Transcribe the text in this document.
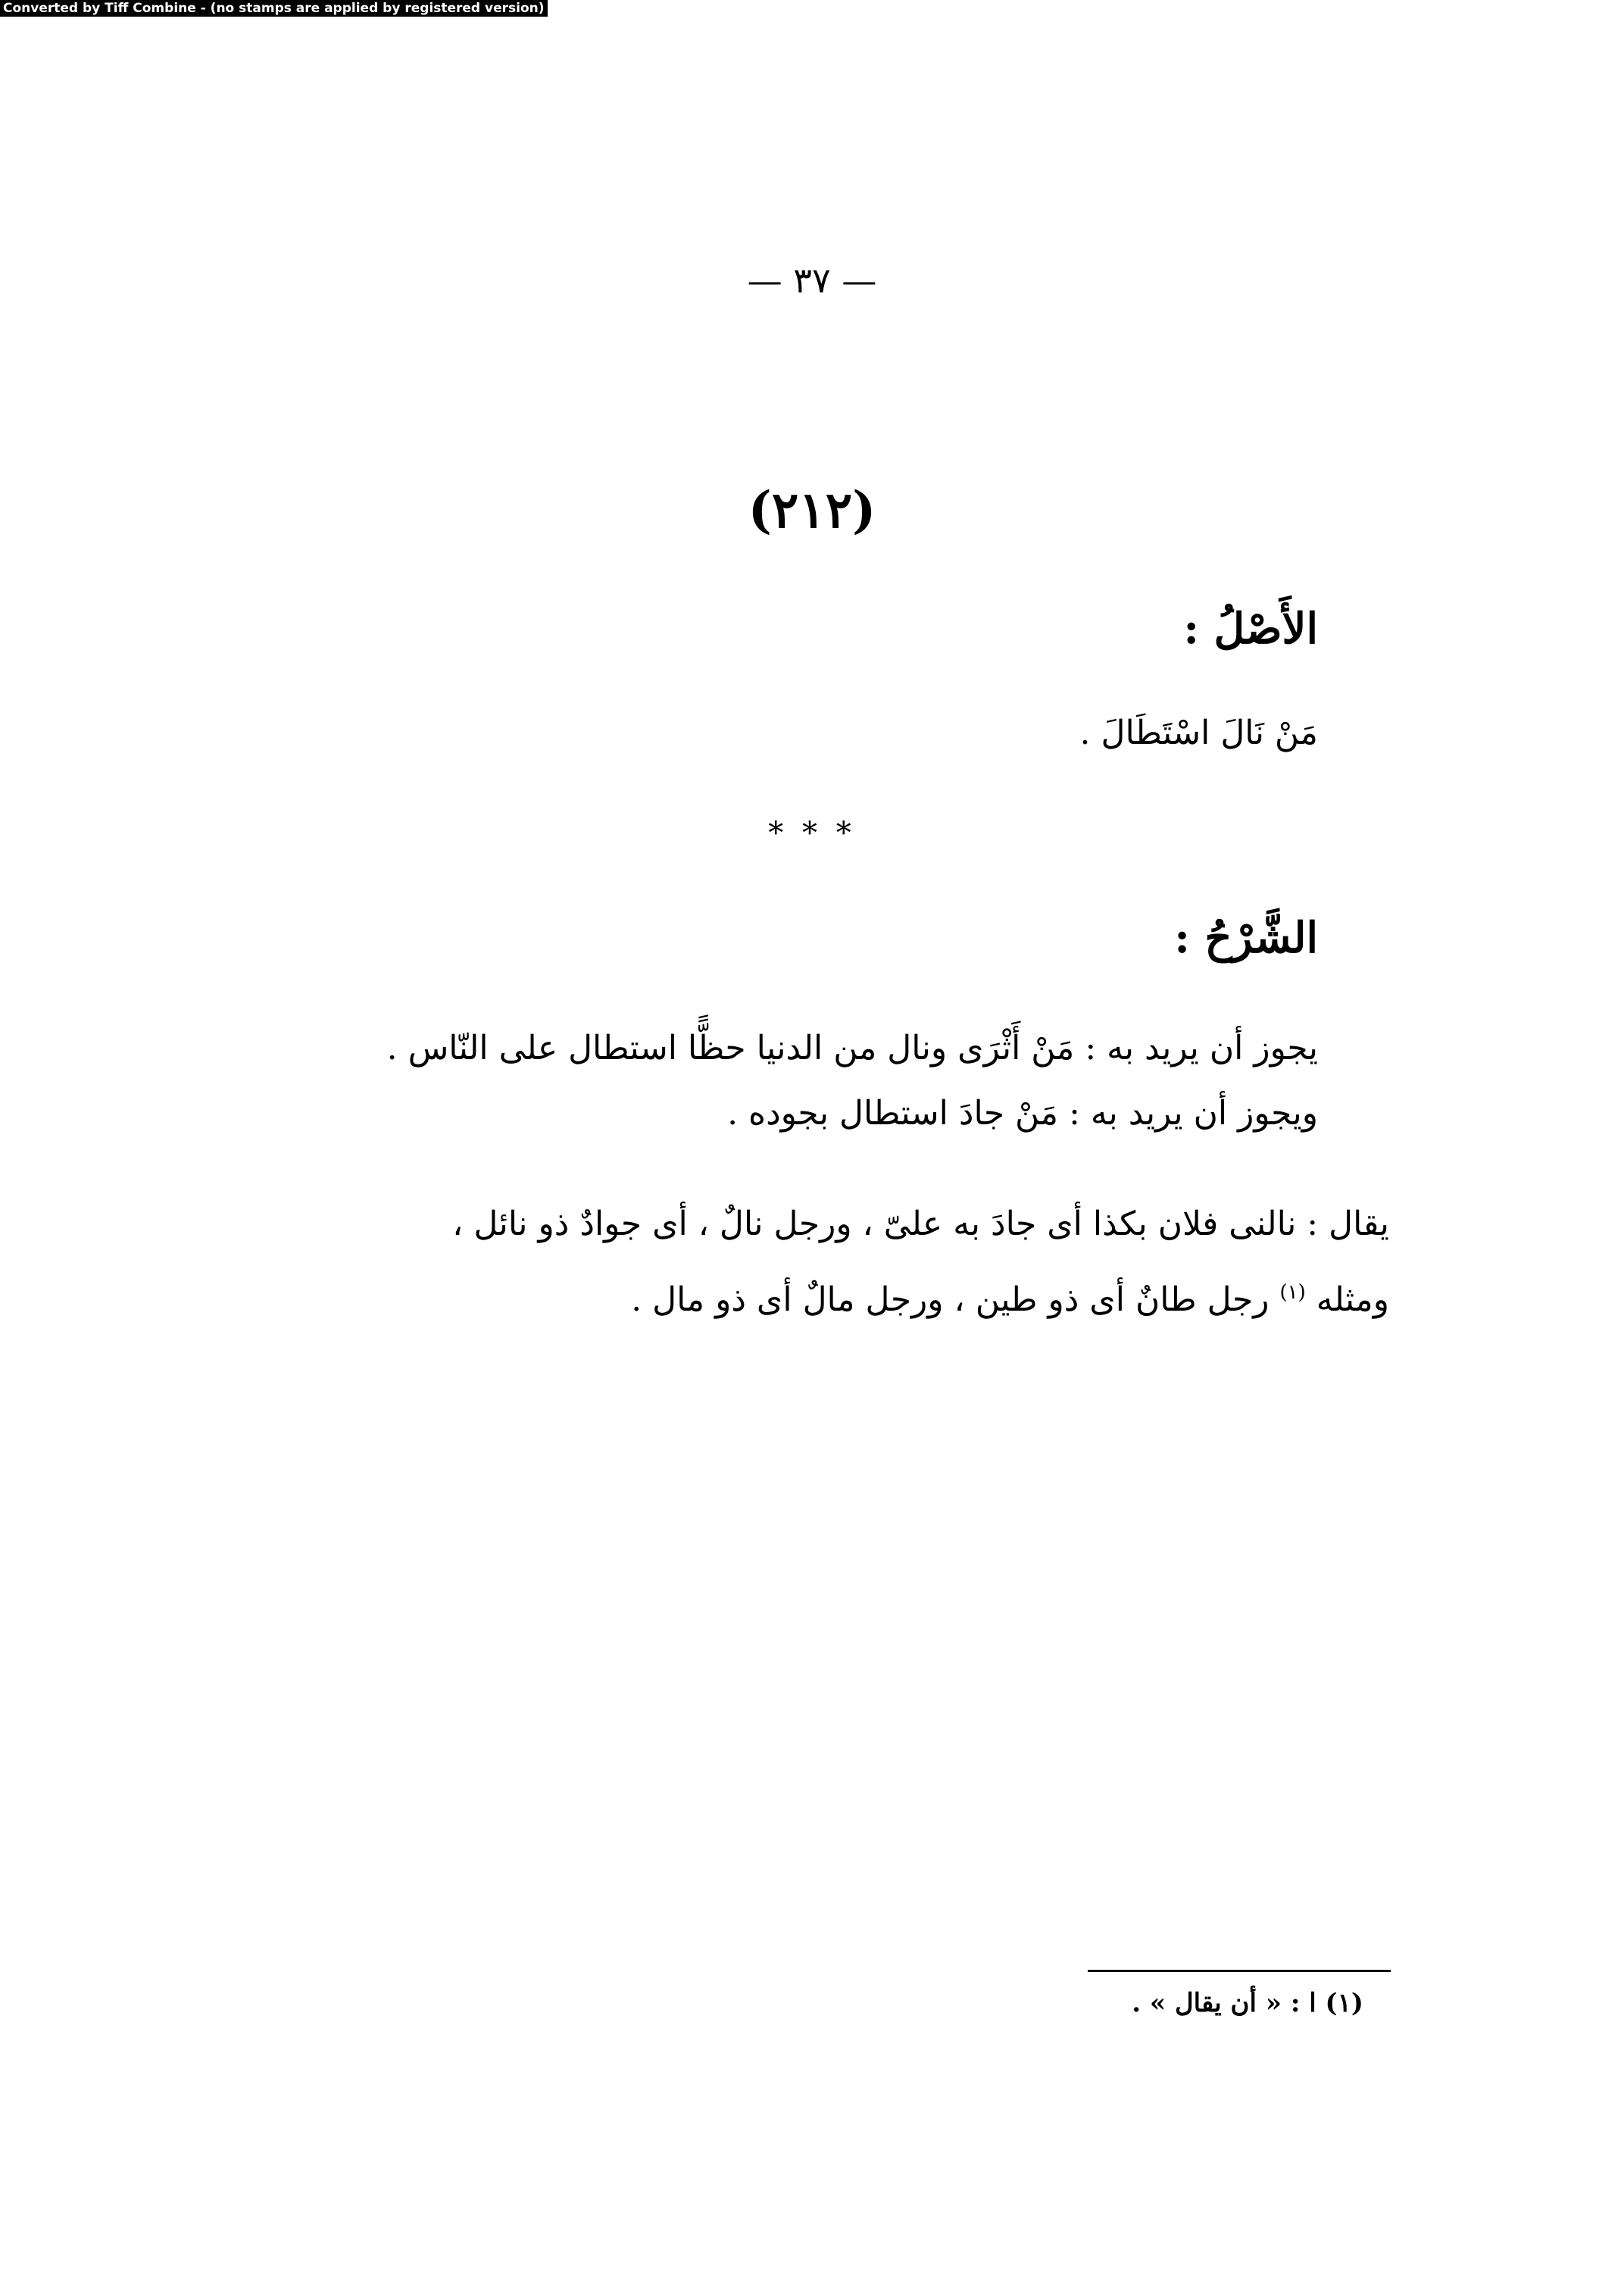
Converted by Tiff Combine - (no stamps are applied by registered version)
— ٣٧ —
(٢١٢)
الأَصْلُ :
مَنْ نَالَ اسْتَطَالَ .
* * *
الشَّرْحُ :
يجوز أن يريد به : مَنْ أَثْرَى ونال من الدنيا حظًّا استطال على النّاس .
ويجوز أن يريد به : مَنْ جادَ استطال بجوده .
يقال : نالنى فلان بكذا أى جادَ به علىّ ، ورجل نالٌ ، أى جوادٌ ذو نائل ،
ومثله $^{(١)}$ رجل طانٌ أى ذو طين ، ورجل مالٌ أى ذو مال .
(١) ا : « أن يقال » .
